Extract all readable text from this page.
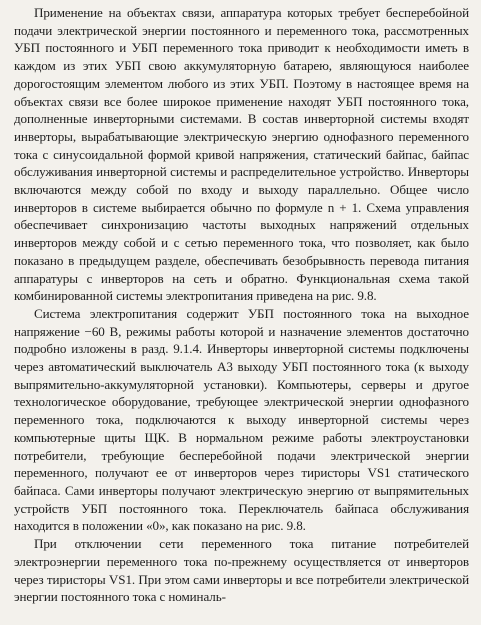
Применение на объектах связи, аппаратура которых требует бесперебойной подачи электрической энергии постоянного и переменного тока, рассмотренных УБП постоянного и УБП переменного тока приводит к необходимости иметь в каждом из этих УБП свою аккумуляторную батарею, являющуюся наиболее дорогостоящим элементом любого из этих УБП. Поэтому в настоящее время на объектах связи все более широкое применение находят УБП постоянного тока, дополненные инверторными системами. В состав инверторной системы входят инверторы, вырабатывающие электрическую энергию однофазного переменного тока с синусоидальной формой кривой напряжения, статический байпас, байпас обслуживания инверторной системы и распределительное устройство. Инверторы включаются между собой по входу и выходу параллельно. Общее число инверторов в системе выбирается обычно по формуле n + 1. Схема управления обеспечивает синхронизацию частоты выходных напряжений отдельных инверторов между собой и с сетью переменного тока, что позволяет, как было показано в предыдущем разделе, обеспечивать безобрывность перевода питания аппаратуры с инверторов на сеть и обратно. Функциональная схема такой комбинированной системы электропитания приведена на рис. 9.8.

Система электропитания содержит УБП постоянного тока на выходное напряжение −60 В, режимы работы которой и назначение элементов достаточно подробно изложены в разд. 9.1.4. Инверторы инверторной системы подключены через автоматический выключатель А3 выходу УБП постоянного тока (к выходу выпрямительно-аккумуляторной установки). Компьютеры, серверы и другое технологическое оборудование, требующее электрической энергии однофазного переменного тока, подключаются к выходу инверторной системы через компьютерные щиты ЩК. В нормальном режиме работы электроустановки потребители, требующие бесперебойной подачи электрической энергии переменного, получают ее от инверторов через тиристоры VS1 статического байпаса. Сами инверторы получают электрическую энергию от выпрямительных устройств УБП постоянного тока. Переключатель байпаса обслуживания находится в положении «0», как показано на рис. 9.8.

При отключении сети переменного тока питание потребителей электроэнергии переменного тока по-прежнему осуществляется от инверторов через тиристоры VS1. При этом сами инверторы и все потребители электрической энергии постоянного тока с номиналь-
